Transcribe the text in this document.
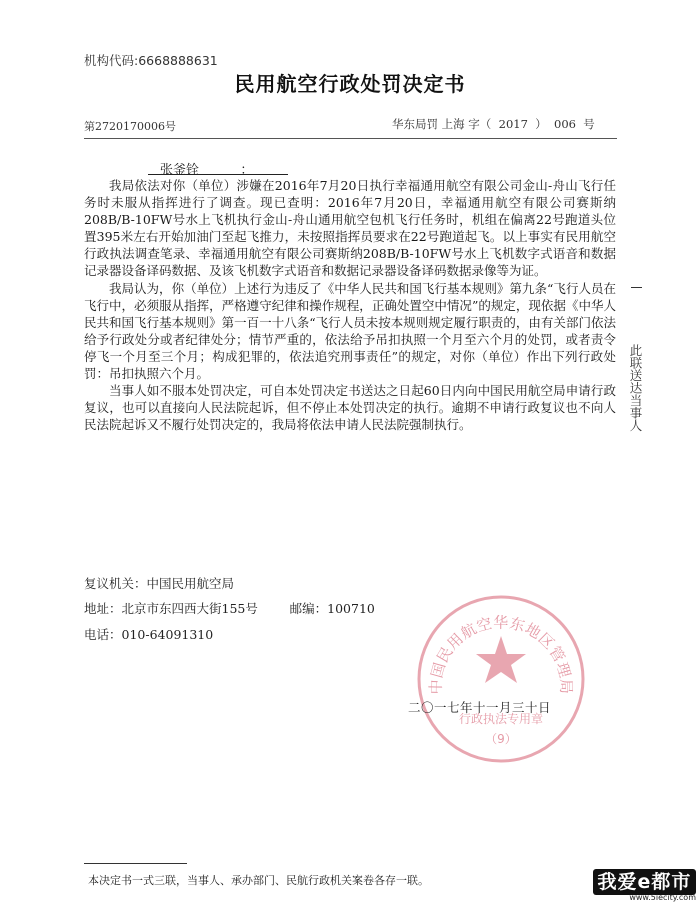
机构代码:6668888631
民用航空行政处罚决定书
第2720170006号	华东局罚 上海 字（  2017  ）  006  号
张釜铨          ：

我局依法对你（单位）涉嫌在2016年7月20日执行幸福通用航空有限公司金山-舟山飞行任务时未服从指挥进行了调查。现已查明：2016年7月20日，幸福通用航空有限公司赛斯纳208B/B-10FW号水上飞机执行金山-舟山通用航空包机飞行任务时，机组在偏离22号跑道头位置395米左右开始加油门至起飞推力，未按照指挥员要求在22号跑道起飞。以上事实有民用航空行政执法调查笔录、幸福通用航空有限公司赛斯纳208B/B-10FW号水上飞机数字式语音和数据记录器设备译码数据、及该飞机数字式语音和数据记录器设备译码数据录像等为证。

我局认为，你（单位）上述行为违反了《中华人民共和国飞行基本规则》第九条“飞行人员在飞行中，必须服从指挥，严格遵守纪律和操作规程，正确处置空中情况”的规定，现依据《中华人民共和国飞行基本规则》第一百一十八条“飞行人员未按本规则规定履行职责的，由有关部门依法给予行政处分或者纪律处分；情节严重的，依法给予吊扣执照一个月至六个月的处罚，或者责令停飞一个月至三个月；构成犯罪的，依法追究刑事责任”的规定，对你（单位）作出下列行政处罚：吊扣执照六个月。

当事人如不服本处罚决定，可自本处罚决定书送达之日起60日内向中国民用航空局申请行政复议，也可以直接向人民法院起诉，但不停止本处罚决定的执行。逾期不申请行政复议也不向人民法院起诉又不履行处罚决定的，我局将依法申请人民法院强制执行。	此联送达当事人
复议机关：中国民用航空局
地址：北京市东四西大街155号        邮编：100710
电话：010-64091310
中国民用航空华东地区管理局
行政执法专用章
（9）
二〇一七年十一月三十日
本决定书一式三联，当事人、承办部门、民航行政机关案卷各存一联。	我爱e都市
www.5iecity.com
